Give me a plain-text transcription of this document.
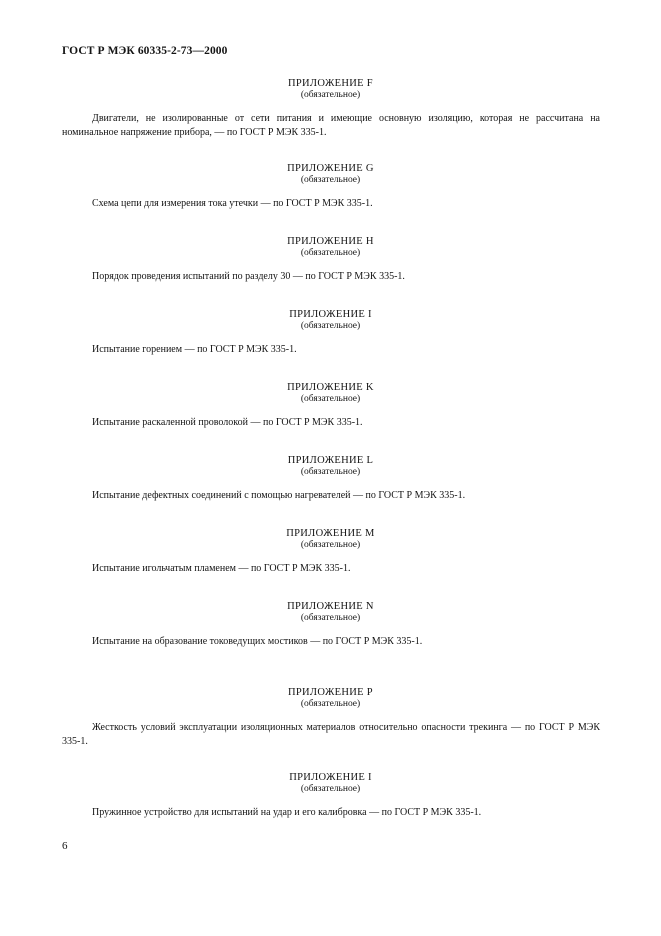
ГОСТ Р МЭК 60335-2-73—2000
ПРИЛОЖЕНИЕ F
(обязательное)
Двигатели, не изолированные от сети питания и имеющие основную изоляцию, которая не рассчитана на номинальное напряжение прибора, — по ГОСТ Р МЭК 335-1.
ПРИЛОЖЕНИЕ G
(обязательное)
Схема цепи для измерения тока утечки — по ГОСТ Р МЭК 335-1.
ПРИЛОЖЕНИЕ H
(обязательное)
Порядок проведения испытаний по разделу 30 — по ГОСТ Р МЭК 335-1.
ПРИЛОЖЕНИЕ I
(обязательное)
Испытание горением — по ГОСТ Р МЭК 335-1.
ПРИЛОЖЕНИЕ K
(обязательное)
Испытание раскаленной проволокой — по ГОСТ Р МЭК 335-1.
ПРИЛОЖЕНИЕ L
(обязательное)
Испытание дефектных соединений с помощью нагревателей — по ГОСТ Р МЭК 335-1.
ПРИЛОЖЕНИЕ M
(обязательное)
Испытание игольчатым пламенем — по ГОСТ Р МЭК 335-1.
ПРИЛОЖЕНИЕ N
(обязательное)
Испытание на образование токоведущих мостиков — по ГОСТ Р МЭК 335-1.
ПРИЛОЖЕНИЕ P
(обязательное)
Жесткость условий эксплуатации изоляционных материалов относительно опасности трекинга — по ГОСТ Р МЭК 335-1.
ПРИЛОЖЕНИЕ I
(обязательное)
Пружинное устройство для испытаний на удар и его калибровка — по ГОСТ Р МЭК 335-1.
6
